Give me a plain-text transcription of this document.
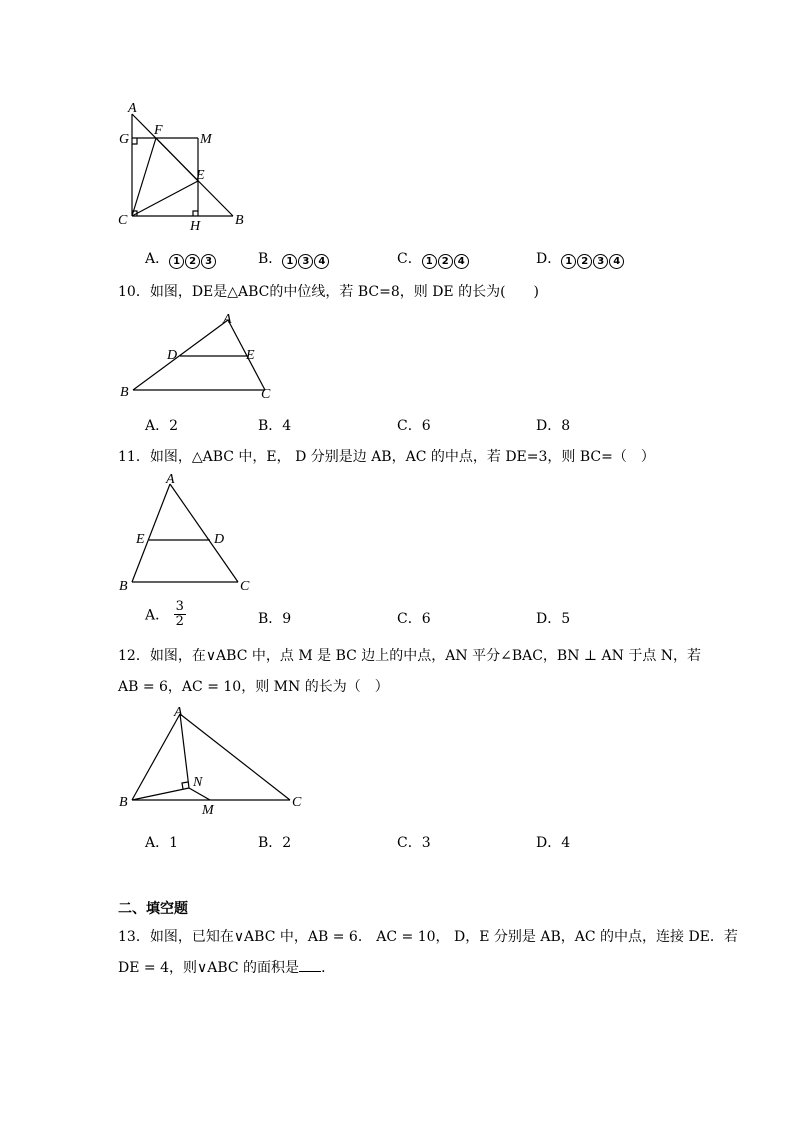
A
G
F
M
E
C	H B
A． 1 2 3	B． 1 3 4	C． 1 2 4	D． 1 2 3 4
10．如图，DE是△ABC的中位线，若 BC=8，则 DE 的长为(　　)
A
D	E
B	C
A．2	B．4	C．6	D．8
11．如图，△ABC 中，E， D 分别是边 AB，AC 的中点，若 DE=3，则 BC=（　）
A
E	D
B	C
A． $\frac{3}{2}$	B．9	C．6	D．5
12．如图，在∨ABC 中，点 M 是 BC 边上的中点，AN 平分∠BAC，BN ⊥ AN 于点 N，若
AB = 6，AC = 10，则 MN 的长为（　）
A
N
B
M
C
A．1	B．2	C．3	D．4
二、填空题
13．如图，已知在∨ABC 中，AB = 6． AC = 10， D，E 分别是 AB，AC 的中点，连接 DE．若
DE = 4，则∨ABC 的面积是 ．
